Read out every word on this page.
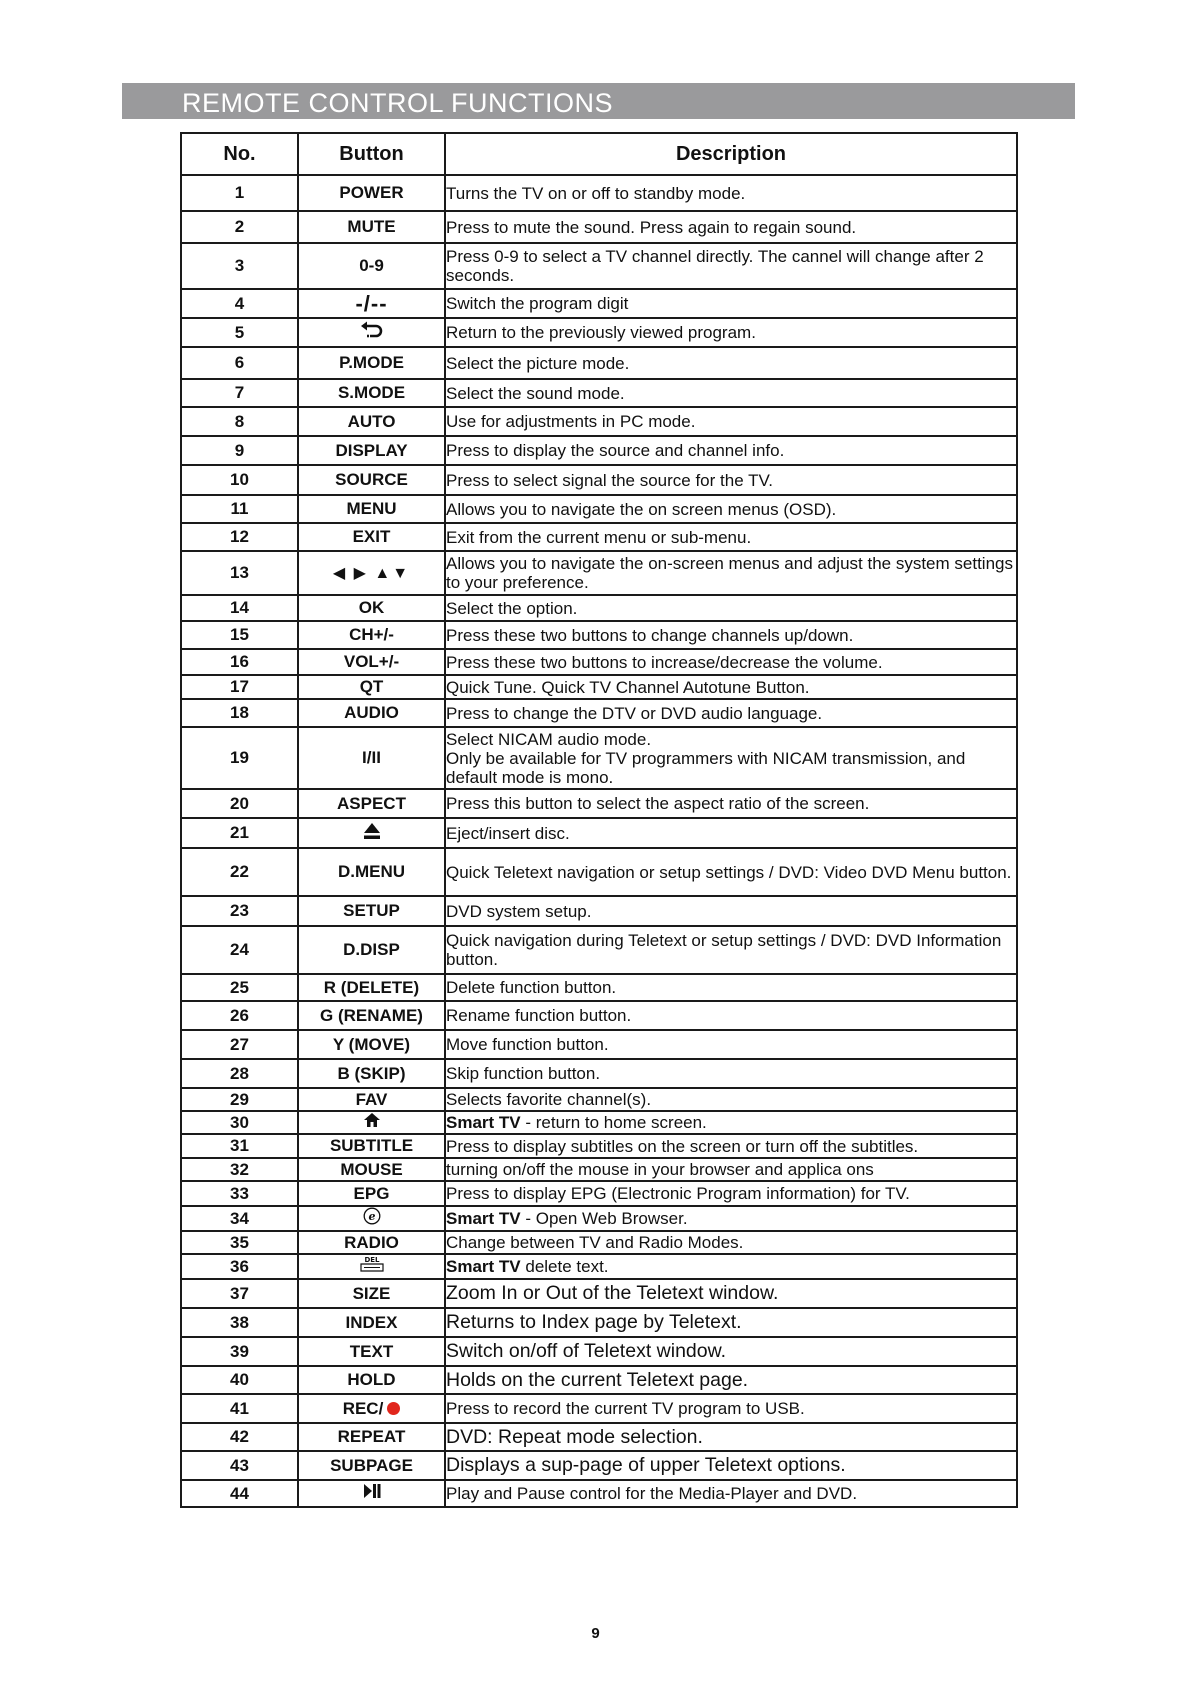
REMOTE CONTROL FUNCTIONS
No.	Button	Description
1	POWER	Turns the TV on or off to standby mode.
2	MUTE	Press to mute the sound. Press again to regain sound.
3	0-9	Press 0-9 to select a TV channel directly. The cannel will change after 2 seconds.
4	-/--	Switch the program digit
5		Return to the previously viewed program.
6	P.MODE	Select the picture mode.
7	S.MODE	Select the sound mode.
8	AUTO	Use for adjustments in PC mode.
9	DISPLAY	Press to display the source and channel info.
10	SOURCE	Press to select signal the source for the TV.
11	MENU	Allows you to navigate the on screen menus (OSD).
12	EXIT	Exit from the current menu or sub-menu.
13	◀ ▶ ▲▼	Allows you to navigate the on-screen menus and adjust the system settings to your preference.
14	OK	Select the option.
15	CH+/-	Press these two buttons to change channels up/down.
16	VOL+/-	Press these two buttons to increase/decrease the volume.
17	QT	Quick Tune. Quick TV Channel Autotune Button.
18	AUDIO	Press to change the DTV or DVD audio language.
19	I/II	Select NICAM audio mode.
Only be available for TV programmers with NICAM transmission, and default mode is mono.
20	ASPECT	Press this button to select the aspect ratio of the screen.
21		Eject/insert disc.
22	D.MENU	Quick Teletext navigation or setup settings / DVD: Video DVD Menu button.
23	SETUP	DVD system setup.
24	D.DISP	Quick navigation during Teletext or setup settings / DVD: DVD Information button.
25	R (DELETE)	Delete function button.
26	G (RENAME)	Rename function button.
27	Y (MOVE)	Move function button.
28	B (SKIP)	Skip function button.
29	FAV	Selects favorite channel(s).
30		Smart TV - return to home screen.
31	SUBTITLE	Press to display subtitles on the screen or turn off the subtitles.
32	MOUSE	turning on/off the mouse in your browser and applica ons
33	EPG	Press to display EPG (Electronic Program information) for TV.
34	e	Smart TV - Open Web Browser.
35	RADIO	Change between TV and Radio Modes.
36	DEL	Smart TV delete text.
37	SIZE	Zoom In or Out of the Teletext window.
38	INDEX	Returns to Index page by Teletext.
39	TEXT	Switch on/off of Teletext window.
40	HOLD	Holds on the current Teletext page.
41	REC/	Press to record the current TV program to USB.
42	REPEAT	DVD: Repeat mode selection.
43	SUBPAGE	Displays a sup-page of upper Teletext options.
44		Play and Pause control for the Media-Player and DVD.
9
